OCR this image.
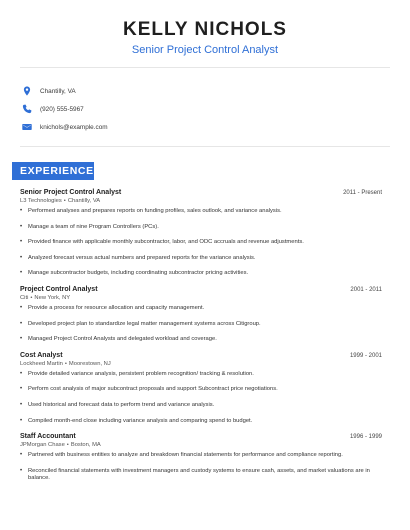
KELLY NICHOLS
Senior Project Control Analyst
Chantilly, VA
(920) 555-5967
knichols@example.com
EXPERIENCE
Senior Project Control Analyst	2011 - Present
L3 Technologies • Chantilly, VA
• Performed analyses and prepares reports on funding profiles, sales outlook, and variance analysis.
• Manage a team of nine Program Controllers (PCs).
• Provided finance with applicable monthly subcontractor, labor, and ODC accruals and revenue adjustments.
• Analyzed forecast versus actual numbers and prepared reports for the variance analysis.
• Manage subcontractor budgets, including coordinating subcontractor pricing activities.
Project Control Analyst	2001 - 2011
Citi • New York, NY
• Provide a process for resource allocation and capacity management.
• Developed project plan to standardize legal matter management systems across Citigroup.
• Managed Project Control Analysts and delegated workload and coverage.
Cost Analyst	1999 - 2001
Lockheed Martin • Moorestown, NJ
• Provide detailed variance analysis, persistent problem recognition/ tracking & resolution.
• Perform cost analysis of major subcontract proposals and support Subcontract price negotiations.
• Used historical and forecast data to perform trend and variance analysis.
• Compiled month-end close including variance analysis and comparing spend to budget.
Staff Accountant	1996 - 1999
JPMorgan Chase • Boston, MA
• Partnered with business entities to analyze and breakdown financial statements for performance and compliance reporting.
• Reconciled financial statements with investment managers and custody systems to ensure cash, assets, and market valuations are in balance.
